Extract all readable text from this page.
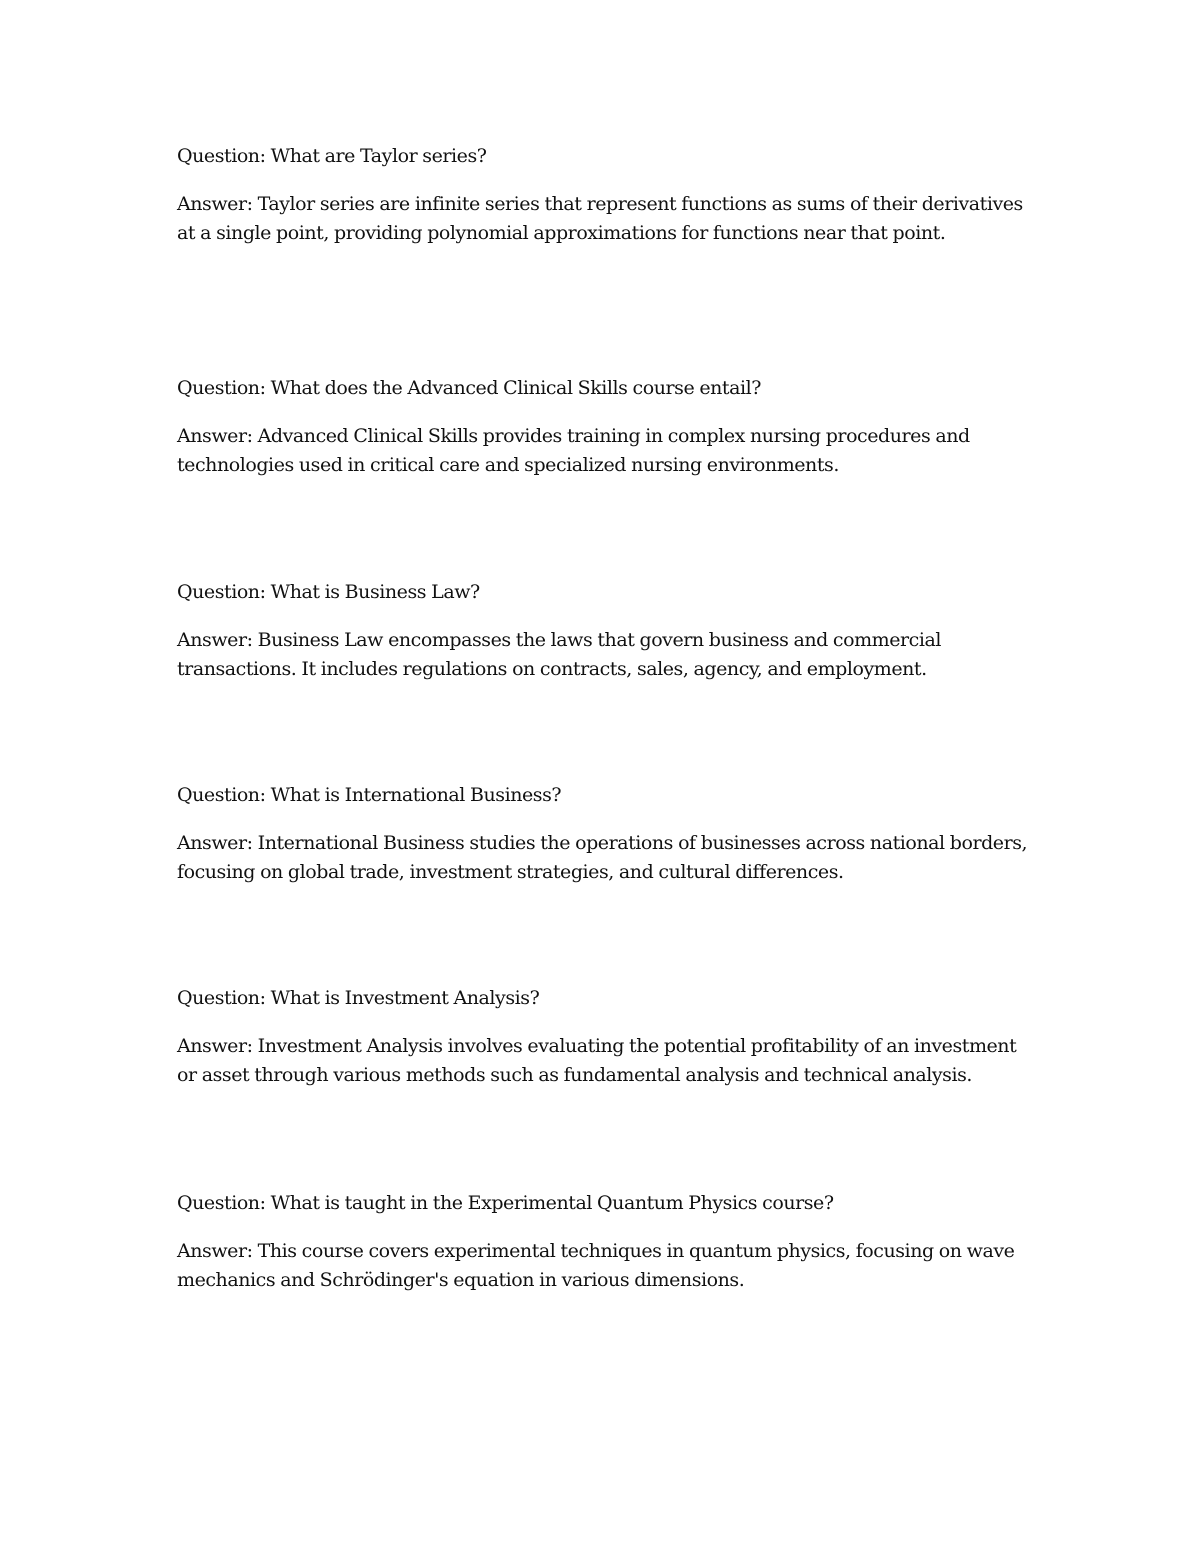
Question: What are Taylor series?

Answer: Taylor series are infinite series that represent functions as sums of their derivatives at a single point, providing polynomial approximations for functions near that point.

Question: What does the Advanced Clinical Skills course entail?

Answer: Advanced Clinical Skills provides training in complex nursing procedures and technologies used in critical care and specialized nursing environments.

Question: What is Business Law?

Answer: Business Law encompasses the laws that govern business and commercial transactions. It includes regulations on contracts, sales, agency, and employment.

Question: What is International Business?

Answer: International Business studies the operations of businesses across national borders, focusing on global trade, investment strategies, and cultural differences.

Question: What is Investment Analysis?

Answer: Investment Analysis involves evaluating the potential profitability of an investment or asset through various methods such as fundamental analysis and technical analysis.

Question: What is taught in the Experimental Quantum Physics course?

Answer: This course covers experimental techniques in quantum physics, focusing on wave mechanics and Schrödinger's equation in various dimensions.
